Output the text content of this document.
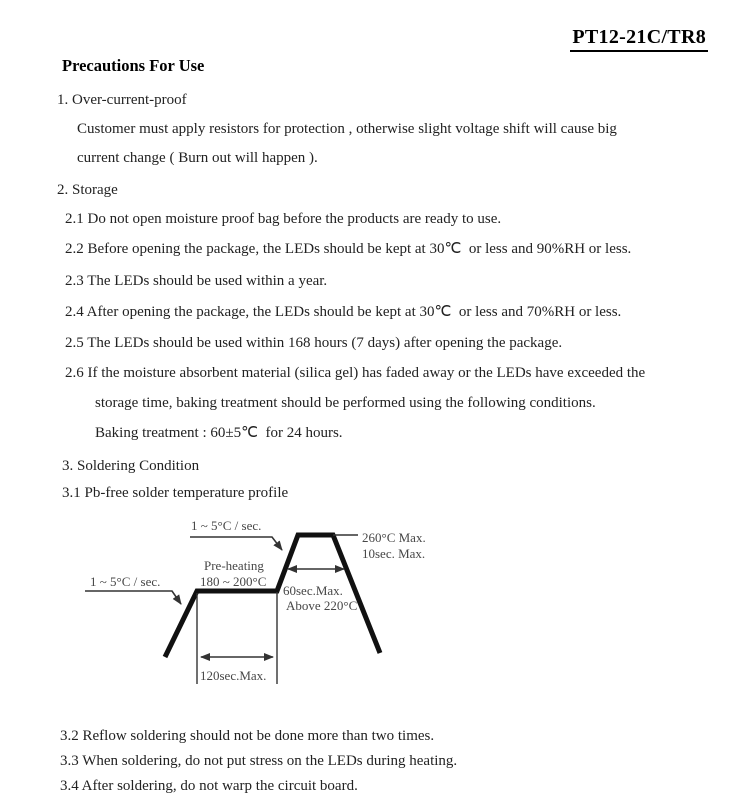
PT12-21C/TR8
Precautions For Use
1. Over-current-proof
Customer must apply resistors for protection , otherwise slight voltage shift will cause big
current change ( Burn out will happen ).
2. Storage
2.1 Do not open moisture proof bag before the products are ready to use.
2.2 Before opening the package, the LEDs should be kept at 30℃  or less and 90%RH or less.
2.3 The LEDs should be used within a year.
2.4 After opening the package, the LEDs should be kept at 30℃  or less and 70%RH or less.
2.5 The LEDs should be used within 168 hours (7 days) after opening the package.
2.6 If the moisture absorbent material (silica gel) has faded away or the LEDs have exceeded the
storage time, baking treatment should be performed using the following conditions.
Baking treatment : 60±5℃  for 24 hours.
3. Soldering Condition
3.1 Pb-free solder temperature profile
3.2 Reflow soldering should not be done more than two times.
3.3 When soldering, do not put stress on the LEDs during heating.
3.4 After soldering, do not warp the circuit board.
1 ~ 5°C / sec.
1 ~ 5°C / sec.
Pre-heating
180 ~ 200°C
260°C Max.
10sec. Max.
60sec.Max.
Above 220°C
120sec.Max.
